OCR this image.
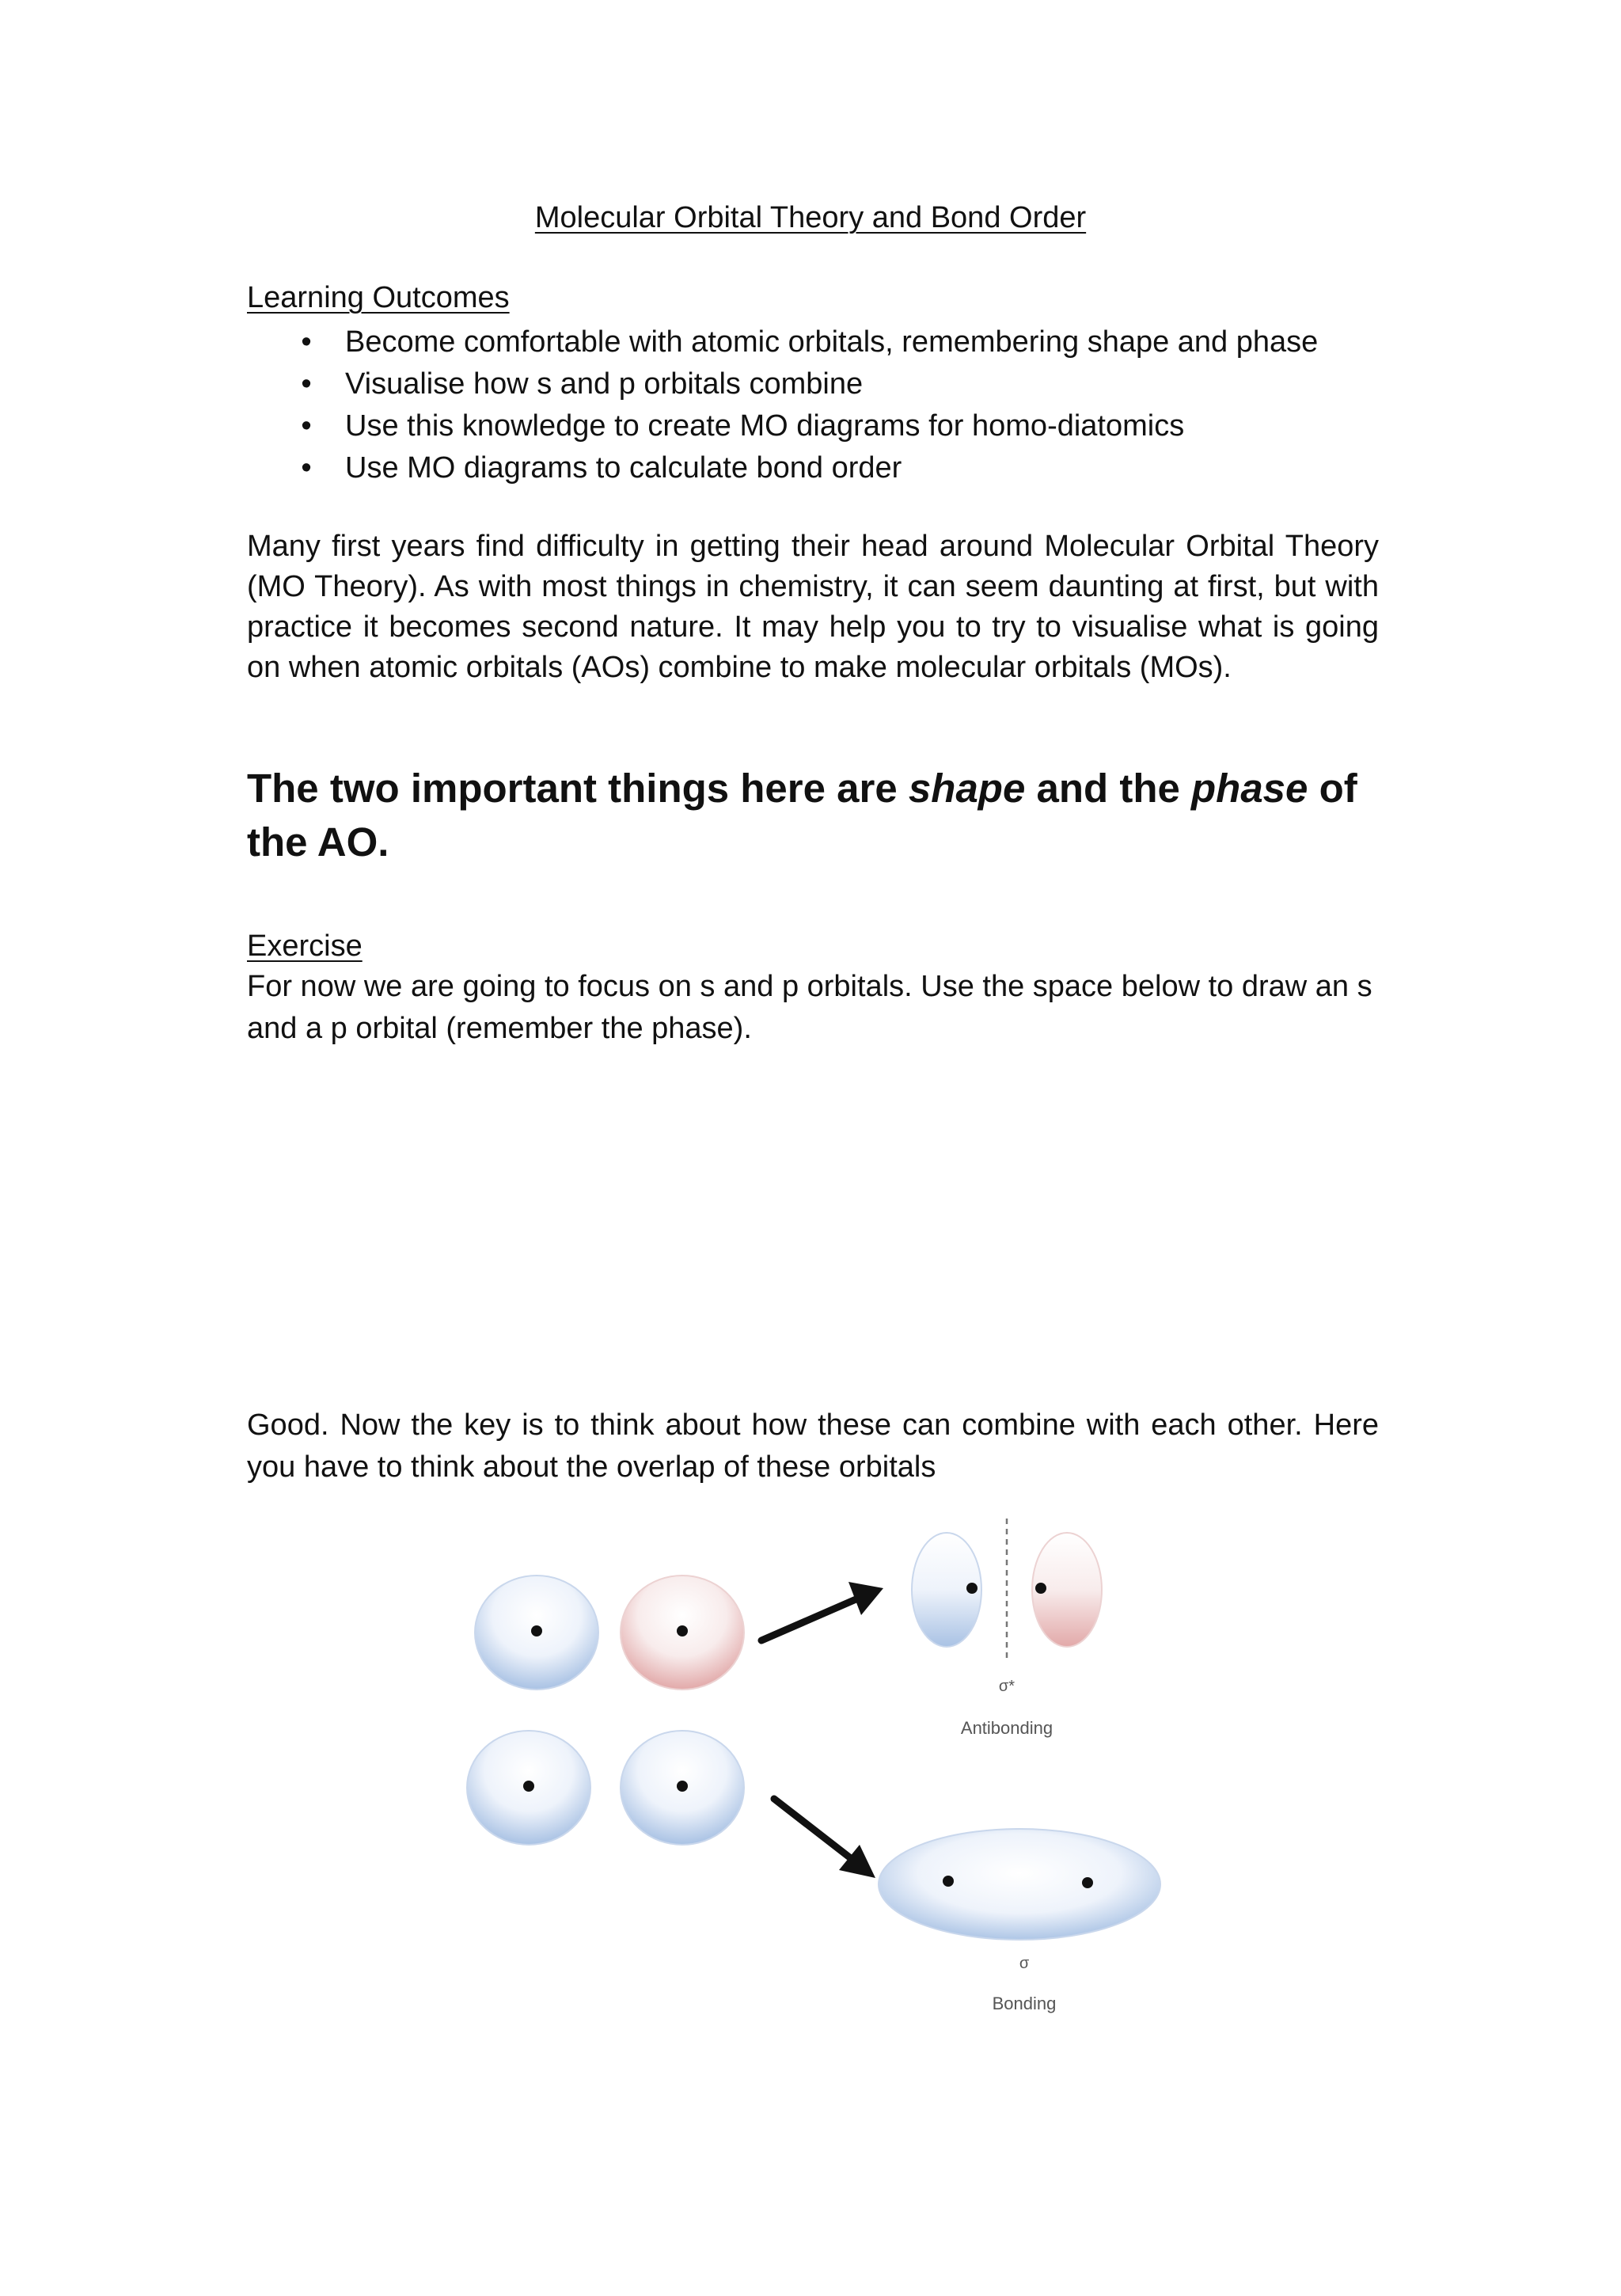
Molecular Orbital Theory and Bond Order
Learning Outcomes
• Become comfortable with atomic orbitals, remembering shape and phase
• Visualise how s and p orbitals combine
• Use this knowledge to create MO diagrams for homo-diatomics
• Use MO diagrams to calculate bond order

Many first years find difficulty in getting their head around Molecular Orbital Theory (MO Theory). As with most things in chemistry, it can seem daunting at first, but with practice it becomes second nature. It may help you to try to visualise what is going on when atomic orbitals (AOs) combine to make molecular orbitals (MOs).

The two important things here are shape and the phase of the AO.
Exercise

For now we are going to focus on s and p orbitals. Use the space below to draw an s and a p orbital (remember the phase).

Good. Now the key is to think about how these can combine with each other. Here you have to think about the overlap of these orbitals

σ*
Antibonding
σ
Bonding
